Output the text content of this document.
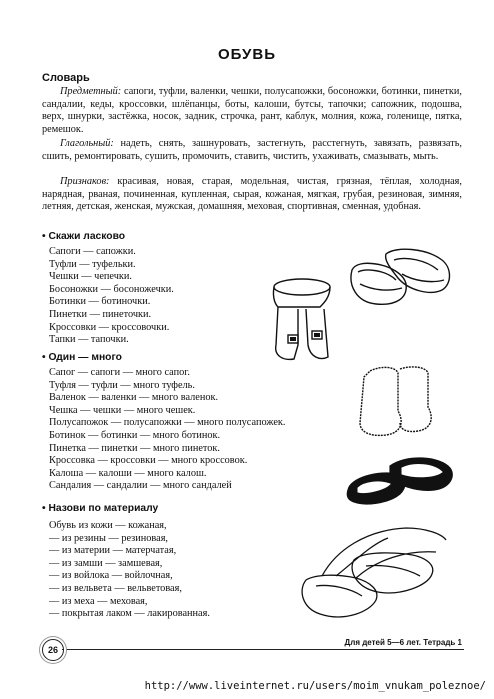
ОБУВЬ
Словарь
Предметный: сапоги, туфли, валенки, чешки, полусапожки, босоножки, ботинки, пинетки, сандалии, кеды, кроссовки, шлёпанцы, боты, калоши, бутсы, тапочки; сапожник, подошва, верх, шнурки, застёжка, носок, задник, строчка, рант, каблук, молния, кожа, голенище, пятка, ремешок.
Глагольный: надеть, снять, зашнуровать, застегнуть, расстегнуть, завязать, развязать, сшить, ремонтировать, сушить, промочить, ставить, чистить, ухаживать, смазывать, мыть.
Признаков: красивая, новая, старая, модельная, чистая, грязная, тёплая, холодная, нарядная, рваная, починенная, купленная, сырая, кожаная, мягкая, грубая, резиновая, зимняя, летняя, детская, женская, мужская, домашняя, меховая, спортивная, сменная, удобная.
• Скажи ласково
Сапоги — сапожки.
Туфли — туфельки.
Чешки — чепечки.
Босоножки — босоножечки.
Ботинки — ботиночки.
Пинетки — пинеточки.
Кроссовки — кроссовочки.
Тапки — тапочки.
• Один — много
Сапог — сапоги — много сапог.
Туфля — туфли — много туфель.
Валенок — валенки — много валенок.
Чешка — чешки — много чешек.
Полусапожок — полусапожки — много полусапожек.
Ботинок — ботинки — много ботинок.
Пинетка — пинетки — много пинеток.
Кроссовка — кроссовки — много кроссовок.
Калоша — калоши — много калош.
Сандалия — сандалии — много сандалей
• Назови по материалу
Обувь из кожи — кожаная,
— из резины — резиновая,
— из материи — матерчатая,
— из замши — замшевая,
— из войлока — войлочная,
— из вельвета — вельветовая,
— из меха — меховая,
— покрытая лаком — лакированная.
26
Для детей 5—6 лет. Тетрадь 1
http://www.liveinternet.ru/users/moim_vnukam_poleznoe/
